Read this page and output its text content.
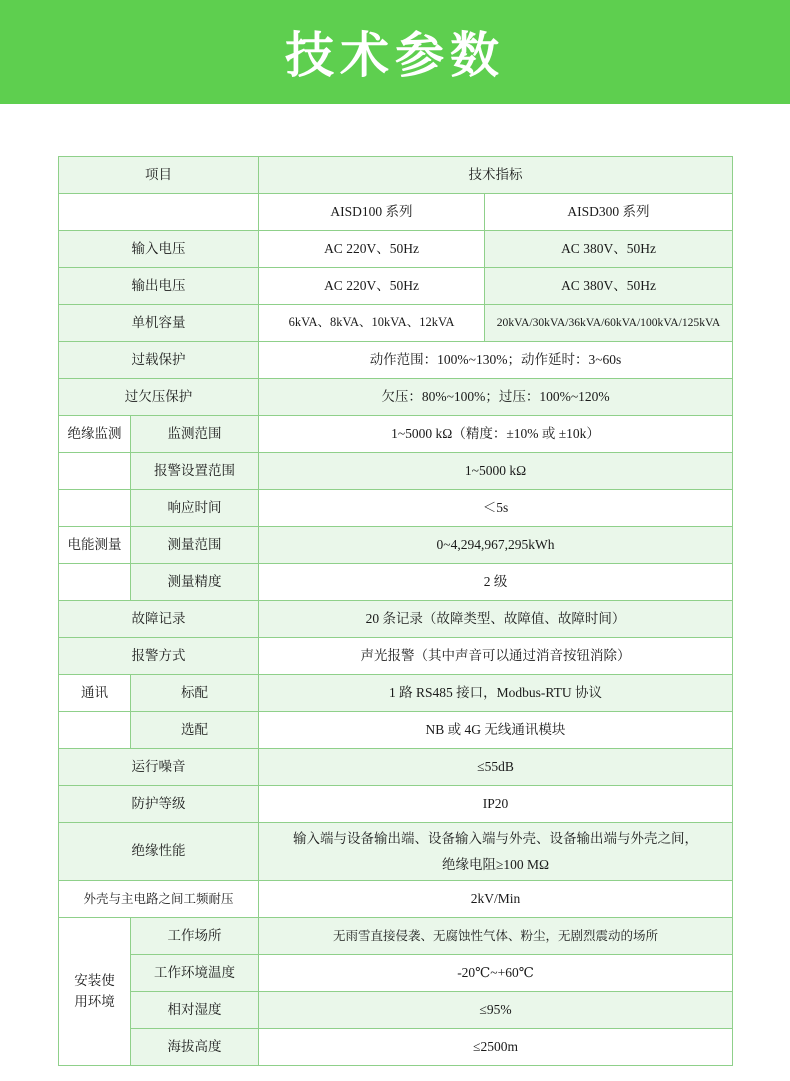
技术参数
项目		技术指标	
		AISD100 系列	AISD300 系列
输入电压		AC 220V、50Hz	AC 380V、50Hz
输出电压		AC 220V、50Hz	AC 380V、50Hz
单机容量		6kVA、8kVA、10kVA、12kVA	20kVA/30kVA/36kVA/60kVA/100kVA/125kVA
过载保护		动作范围：100%~130%；动作延时：3~60s	
过欠压保护		欠压：80%~100%；过压：100%~120%	
绝缘监测	监测范围	1~5000 kΩ（精度：±10% 或 ±10k）	
	报警设置范围	1~5000 kΩ	
	响应时间	＜5s	
电能测量	测量范围	0~4,294,967,295kWh	
	测量精度	2 级	
故障记录		20 条记录（故障类型、故障值、故障时间）	
报警方式		声光报警（其中声音可以通过消音按钮消除）	
通讯	标配	1 路 RS485 接口，Modbus-RTU 协议	
	选配	NB 或 4G 无线通讯模块	
运行噪音		≤55dB	
防护等级		IP20	
绝缘性能		输入端与设备输出端、设备输入端与外壳、设备输出端与外壳之间，
绝缘电阻≥100 MΩ	

外壳与主电路之间工频耐压		2kV/Min	

安装使
用环境	工作场所	无雨雪直接侵袭、无腐蚀性气体、粉尘，无剧烈震动的场所	
	工作环境温度	-20℃~+60℃	
	相对湿度	≤95%	
	海拔高度	≤2500m	
